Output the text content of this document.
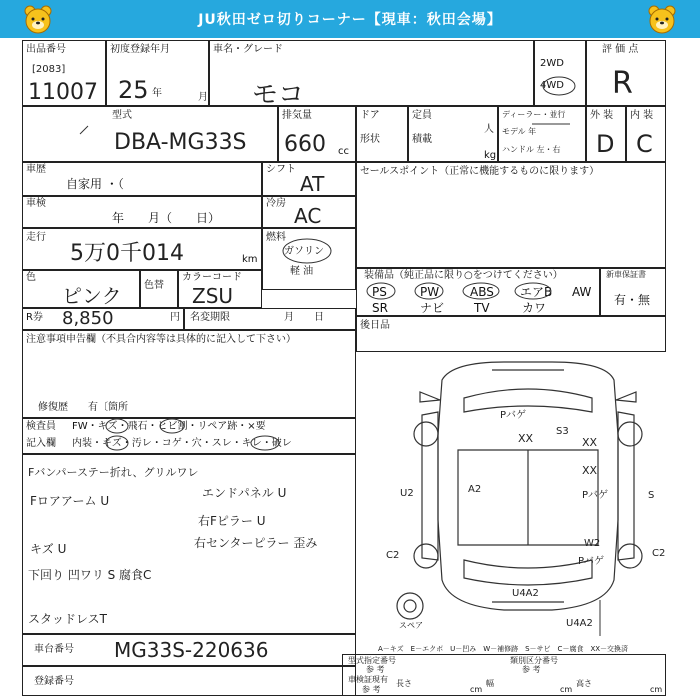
JU秋田ゼロ切りコーナー【現車：秋田会場】
出品番号
[2083]
11007
初度登録年月
25 年	月
車名・グレード
モコ
2WD
4WD
評 価 点
R
型式
DBA-MG33S
排気量
660 cc
ドア
形状
定員
人
積載
kg
ディーラー・並行
モデル 年
ハンドル 左・右
外 装
D
内 装
C
車歴
自家用 ・（
シフト
AT
セールスポイント（正常に機能するものに限ります）
車検
年　　月（　　日）
冷房
AC
走行
5万0千014	km
燃料
ガソリン
軽 油
色
ピンク 色替
カラーコード
ZSU
装備品（純正品に限り○をつけてください）	新車保証書
有・無
PS	PW	ABS エアB AW
SR	ナビ TV	カワ
R券 8,850	円 名変期限	月　　日
後日品
注意事項申告欄（不具合内容等は具体的に記入して下さい）
修復歴　　有〔箇所
検査員
記入欄
FW・キズ・飛石・ヒビ割・リペア跡・×要
内装・キズ・汚レ・コゲ・穴・スレ・キレ・破レ
Fバンパーステー折れ、グリルワレ
Fロアアーム U
エンドパネル U
右Fピラー U
キズ U	右センターピラー 歪み
下回り 凹ワリ S 腐食C
スタッドレスT
車台番号 MG33S-220636
登録番号
A－キズ　E－エクボ　U－凹み　W－補修跡　S－サビ　C－腐食　XX－交換済
型式指定番号	類別区分番号
参 考	参 考
車検証現有
参 考
長さ
cm
幅
cm
高さ
cm
スペア
Pバゲ
XX
S3
XX
XX
Pバゲ
A2
U2	S
C2	C2
W2
Pバゲ
U4A2
U4A2
